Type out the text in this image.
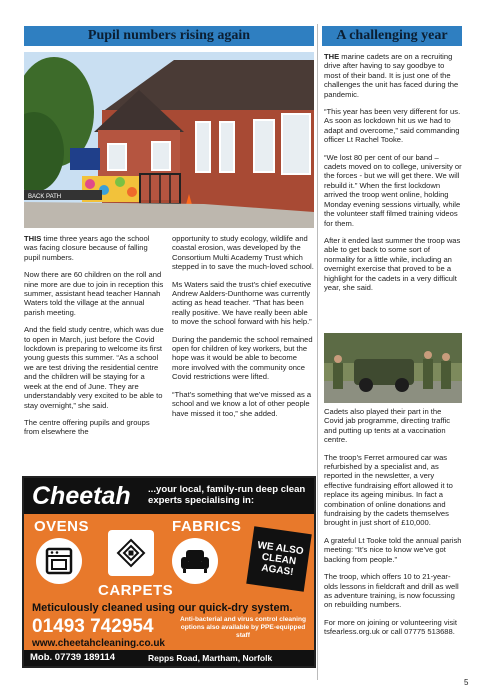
Pupil numbers rising again
BACK PATH

THIS time three years ago the school was facing closure because of falling pupil numbers.

Now there are 60 children on the roll and nine more are due to join in reception this summer, assistant head teacher Hannah Waters told the village at the annual parish meeting.

And the field study centre, which was due to open in March, just before the Covid lockdown is preparing to welcome its first young guests this summer. “As a school we are test driving the residential centre and the children will be staying for a week at the end of June. They are understandably very excited to be able to stay overnight,” she said.

The centre offering pupils and groups from elsewhere the

opportunity to study ecology, wildlife and coastal erosion, was developed by the Consortium Multi Academy Trust which stepped in to save the much-loved school.

Ms Waters said the trust’s chief executive Andrew Aalders-Dunthorne was currently acting as head teacher. “That has been really positive. We have really been able to move the school forward with his help.”

During the pandemic the school remained open for children of key workers, but the hope was it would be able to become more involved with the community once Covid restrictions were lifted.

“That’s something that we’ve missed as a school and we know a lot of other people have missed it too,” she added.

A challenging year

THE marine cadets are on a recruiting drive after having to say goodbye to most of their band. It is just one of the challenges the unit has faced during the pandemic.

“This year has been very different for us. As soon as lockdown hit us we had to adapt and overcome,” said commanding officer Lt Rachel Tooke.

“We lost 80 per cent of our band – cadets moved on to college, university or the forces - but we will get there. We will rebuild it.” When the first lockdown arrived the troop went online, holding Monday evening sessions virtually, while the volunteer staff filmed training videos for them.

After it ended last summer the troop was able to get back to some sort of normality for a little while, including an overnight exercise that proved to be a highlight for the cadets in a very difficult year, she said.

Cadets also played their part in the Covid jab programme, directing traffic and putting up tents at a vaccination centre.

The troop’s Ferret armoured car was refurbished by a specialist and, as reported in the newsletter, a very effective fundraising effort allowed it to replace its ageing minibus. In fact a combination of online donations and fundraising by the cadets themselves brought in just short of £10,000.

A grateful Lt Tooke told the annual parish meeting: “It’s nice to know we’ve got backing from people.”

The troop, which offers 10 to 21-year-olds lessons in fieldcraft and drill as well as adventure training, is now focussing on rebuilding numbers.

For more on joining or volunteering visit tsfearless.org.uk or call 07775 513688.

Cheetah ...your local, family-run deep clean experts specialising in:
OVENS	FABRICS
WE ALSO CLEAN AGAS!
CARPETS
Meticulously cleaned using our quick-dry system.
01493 742954	Anti-bacterial and virus control cleaning options also available by PPE-equipped staff
www.cheetahcleaning.co.uk
Mob. 07739 189114	Repps Road, Martham, Norfolk
5
